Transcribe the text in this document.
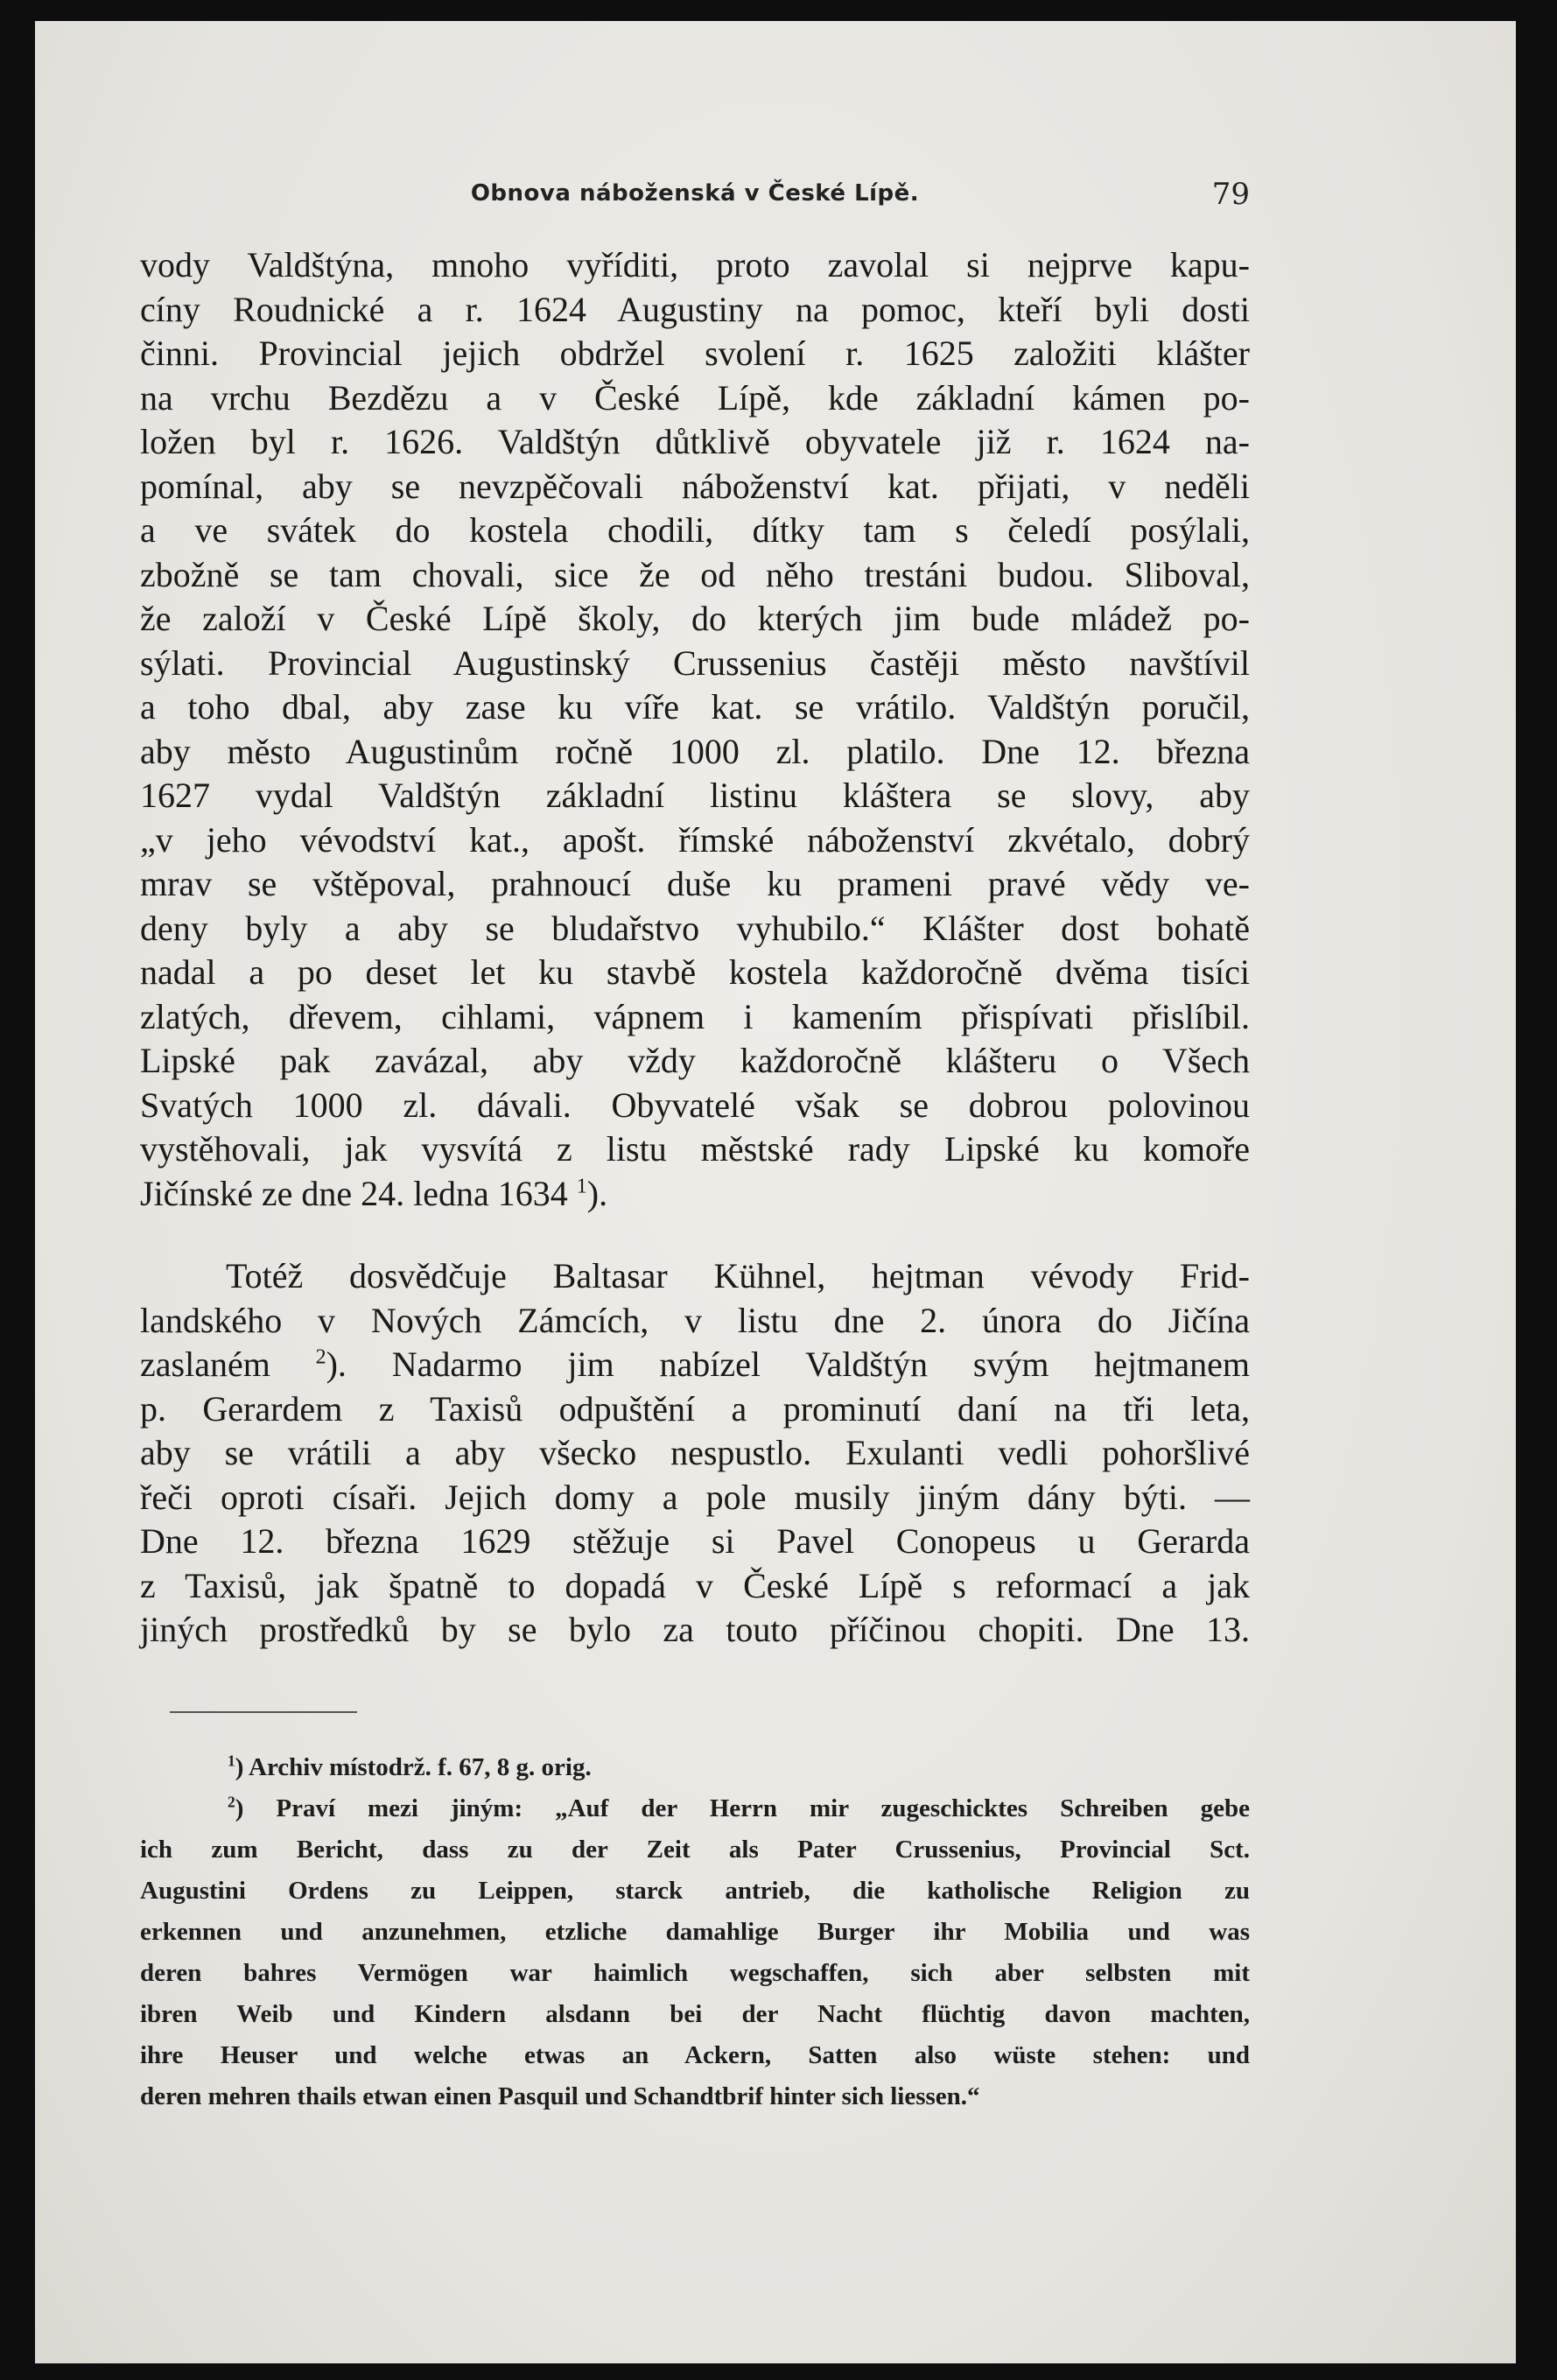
Obnova náboženská v České Lípě.	79
vody Valdštýna, mnoho vyříditi, proto zavolal si nejprve kapu-
cíny Roudnické a r. 1624 Augustiny na pomoc, kteří byli dosti
činni. Provincial jejich obdržel svolení r. 1625 založiti klášter
na vrchu Bezdězu a v České Lípě, kde základní kámen po-
ložen byl r. 1626. Valdštýn důtklivě obyvatele již r. 1624 na-
pomínal, aby se nevzpěčovali náboženství kat. přijati, v neděli
a ve svátek do kostela chodili, dítky tam s čeledí posýlali,
zbožně se tam chovali, sice že od něho trestáni budou. Sliboval,
že založí v České Lípě školy, do kterých jim bude mládež po-
sýlati. Provincial Augustinský Crussenius častěji město navštívil
a toho dbal, aby zase ku víře kat. se vrátilo. Valdštýn poručil,
aby město Augustinům ročně 1000 zl. platilo. Dne 12. března
1627 vydal Valdštýn základní listinu kláštera se slovy, aby
„v jeho vévodství kat., apošt. římské náboženství zkvétalo, dobrý
mrav se vštěpoval, prahnoucí duše ku prameni pravé vědy ve-
deny byly a aby se bludařstvo vyhubilo.“ Klášter dost bohatě
nadal a po deset let ku stavbě kostela každoročně dvěma tisíci
zlatých, dřevem, cihlami, vápnem i kamením přispívati přislíbil.
Lipské pak zavázal, aby vždy každoročně klášteru o Všech
Svatých 1000 zl. dávali. Obyvatelé však se dobrou polovinou
vystěhovali, jak vysvítá z listu městské rady Lipské ku komoře
Jičínské ze dne 24. ledna 1634 $^1$).
Totéž dosvědčuje Baltasar Kühnel, hejtman vévody Frid-
landského v Nových Zámcích, v listu dne 2. února do Jičína
zaslaném $^2$). Nadarmo jim nabízel Valdštýn svým hejtmanem
p. Gerardem z Taxisů odpuštění a prominutí daní na tři leta,
aby se vrátili a aby všecko nespustlo. Exulanti vedli pohoršlivé
řeči oproti císaři. Jejich domy a pole musily jiným dány býti. —
Dne 12. března 1629 stěžuje si Pavel Conopeus u Gerarda
z Taxisů, jak špatně to dopadá v České Lípě s reformací a jak
jiných prostředků by se bylo za touto příčinou chopiti. Dne 13.
$^1$) Archiv místodrž. f. 67, 8 g. orig.
$^2$) Praví mezi jiným: „Auf der Herrn mir zugeschicktes Schreiben gebe
ich zum Bericht, dass zu der Zeit als Pater Crussenius, Provincial Sct.
Augustini Ordens zu Leippen, starck antrieb, die katholische Religion zu
erkennen und anzunehmen, etzliche damahlige Burger ihr Mobilia und was
deren bahres Vermögen war haimlich wegschaffen, sich aber selbsten mit
ibren Weib und Kindern alsdann bei der Nacht flüchtig davon machten,
ihre Heuser und welche etwas an Ackern, Satten also wüste stehen: und
deren mehren thails etwan einen Pasquil und Schandtbrif hinter sich liessen.“
